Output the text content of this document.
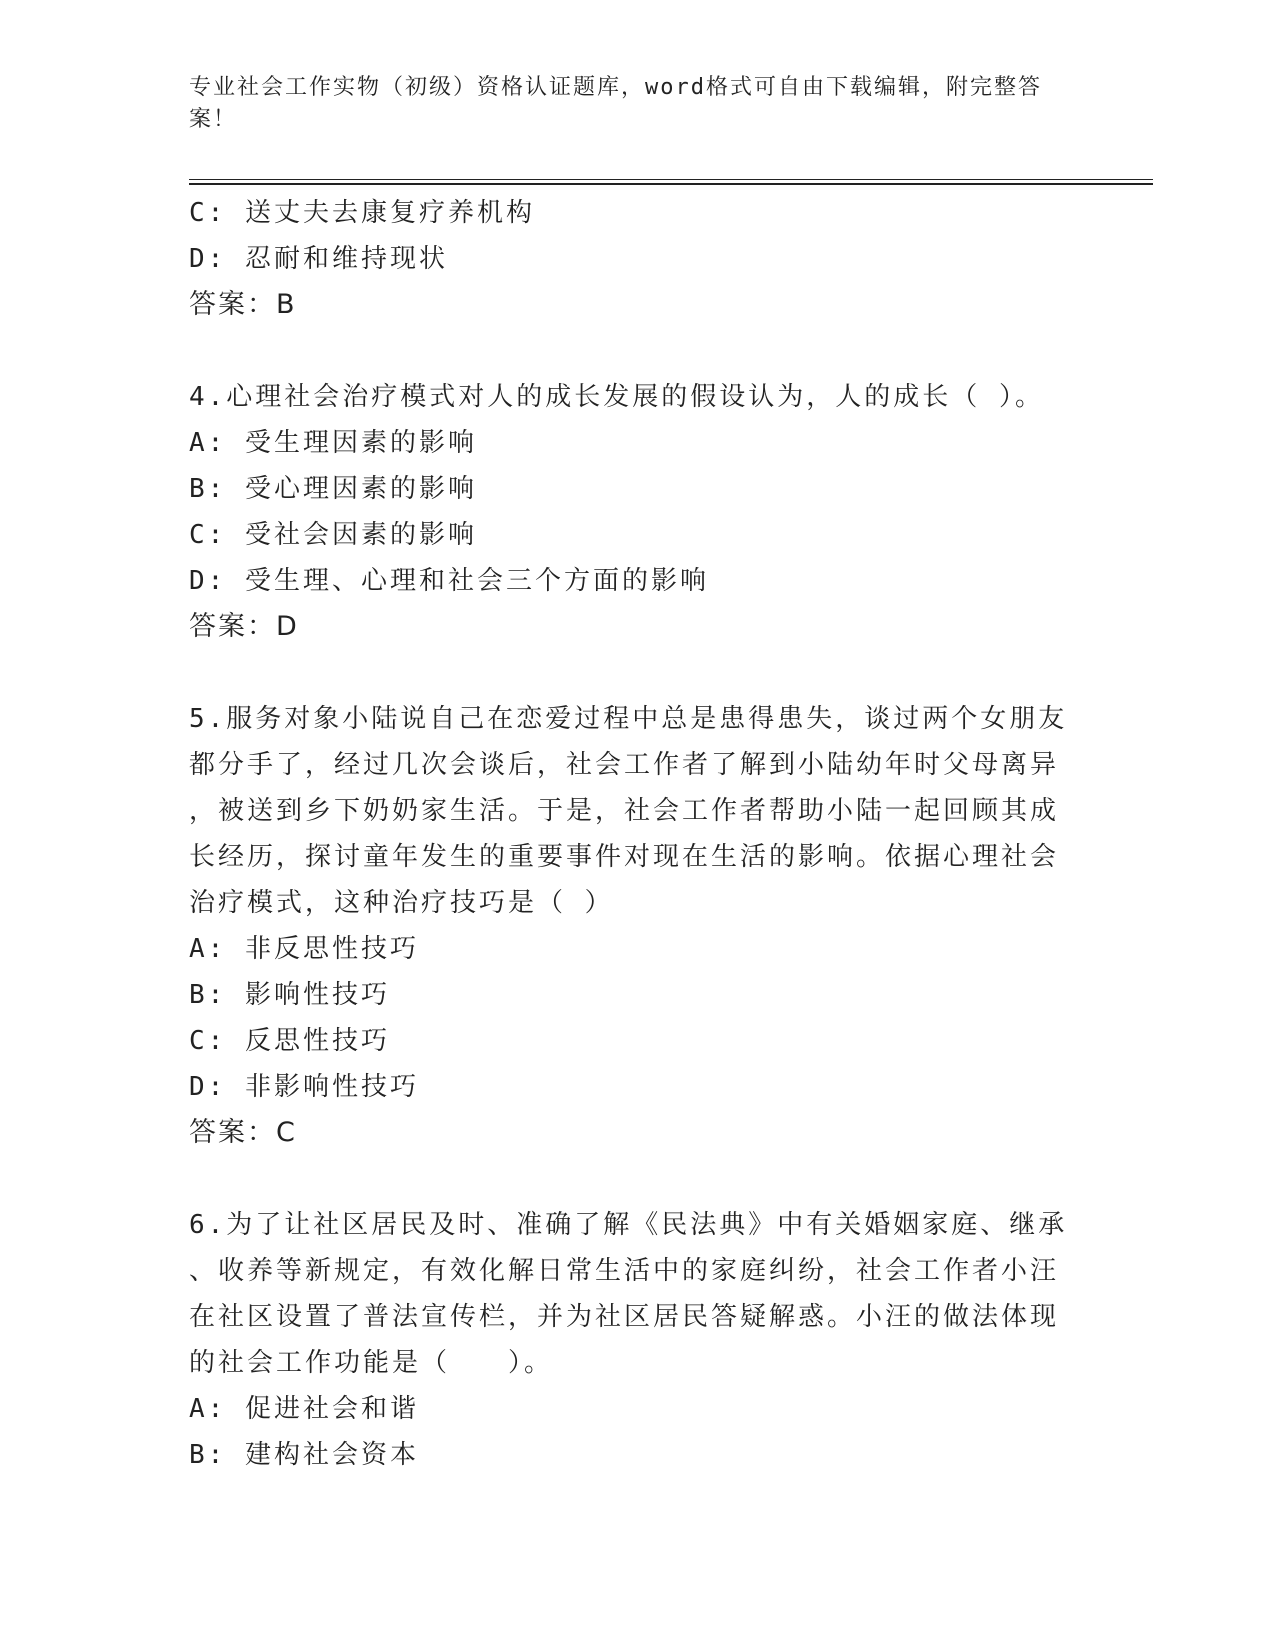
专业社会工作实物（初级）资格认证题库，word格式可自由下载编辑，附完整答案！
C: 送丈夫去康复疗养机构
D: 忍耐和维持现状
答案：B
4.心理社会治疗模式对人的成长发展的假设认为，人的成长（ ）。
A: 受生理因素的影响
B: 受心理因素的影响
C: 受社会因素的影响
D: 受生理、心理和社会三个方面的影响
答案：D
5.服务对象小陆说自己在恋爱过程中总是患得患失，谈过两个女朋友
都分手了，经过几次会谈后，社会工作者了解到小陆幼年时父母离异
，被送到乡下奶奶家生活。于是，社会工作者帮助小陆一起回顾其成
长经历，探讨童年发生的重要事件对现在生活的影响。依据心理社会
治疗模式，这种治疗技巧是（ ）
A: 非反思性技巧
B: 影响性技巧
C: 反思性技巧
D: 非影响性技巧
答案：C
6.为了让社区居民及时、准确了解《民法典》中有关婚姻家庭、继承
、收养等新规定，有效化解日常生活中的家庭纠纷，社会工作者小汪
在社区设置了普法宣传栏，并为社区居民答疑解惑。小汪的做法体现
的社会工作功能是（　　）。
A: 促进社会和谐
B: 建构社会资本
